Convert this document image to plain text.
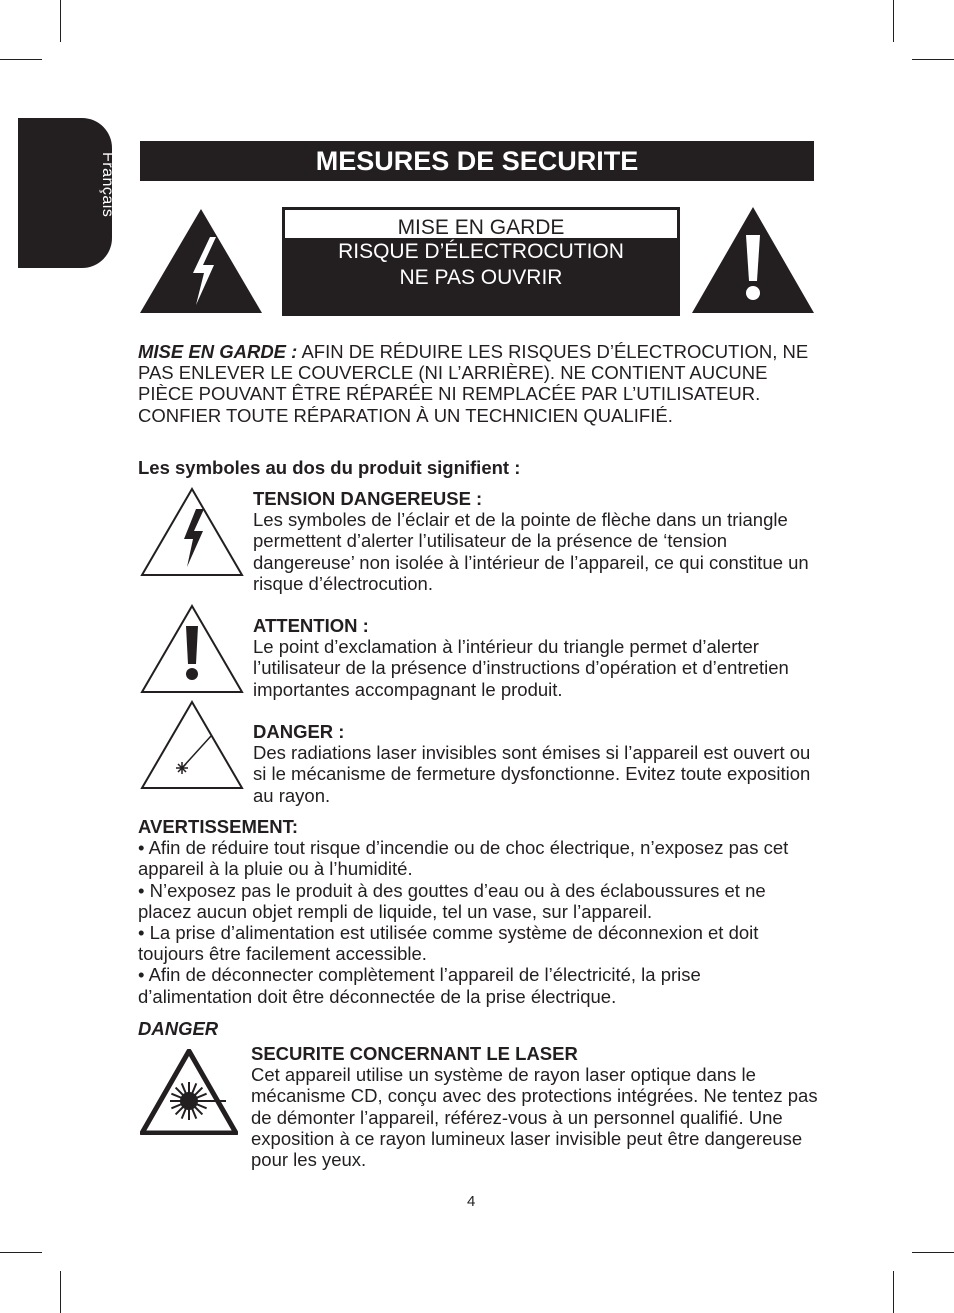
Français	MESURES DE SECURITE
MISE EN GARDE
RISQUE D’ÉLECTROCUTION
NE PAS OUVRIR
MISE EN GARDE : AFIN DE RÉDUIRE LES RISQUES D’ÉLECTROCUTION, NE PAS ENLEVER LE COUVERCLE (NI L’ARRIÈRE). NE CONTIENT AUCUNE PIÈCE POUVANT ÊTRE RÉPARÉE NI REMPLACÉE PAR L’UTILISATEUR. CONFIER TOUTE RÉPARATION À UN TECHNICIEN QUALIFIÉ.
Les symboles au dos du produit signifient :
TENSION DANGEREUSE :
Les symboles de l’éclair et de la pointe de flèche dans un triangle permettent d’alerter l’utilisateur de la présence de ‘tension dangereuse’ non isolée à l’intérieur de l’appareil, ce qui constitue un risque d’électrocution.
ATTENTION :
Le point d’exclamation à l’intérieur du triangle permet d’alerter l’utilisateur de la présence d’instructions d’opération et d’entretien importantes accompagnant le produit.
DANGER :
Des radiations laser invisibles sont émises si l’appareil est ouvert ou si le mécanisme de fermeture dysfonctionne. Evitez toute exposition au rayon.
AVERTISSEMENT:
• Afin de réduire tout risque d’incendie ou de choc électrique, n’exposez pas cet appareil à la pluie ou à l’humidité.
• N’exposez pas le produit à des gouttes d’eau ou à des éclaboussures et ne placez aucun objet rempli de liquide, tel un vase, sur l’appareil.
• La prise d’alimentation est utilisée comme système de déconnexion et doit toujours être facilement accessible.
• Afin de déconnecter complètement l’appareil de l’électricité, la prise d’alimentation doit être déconnectée de la prise électrique.
DANGER
SECURITE CONCERNANT LE LASER
Cet appareil utilise un système de rayon laser optique dans le mécanisme CD, conçu avec des protections intégrées. Ne tentez pas de démonter l’appareil, référez-vous à un personnel qualifié. Une exposition à ce rayon lumineux laser invisible peut être dangereuse pour les yeux.
4
